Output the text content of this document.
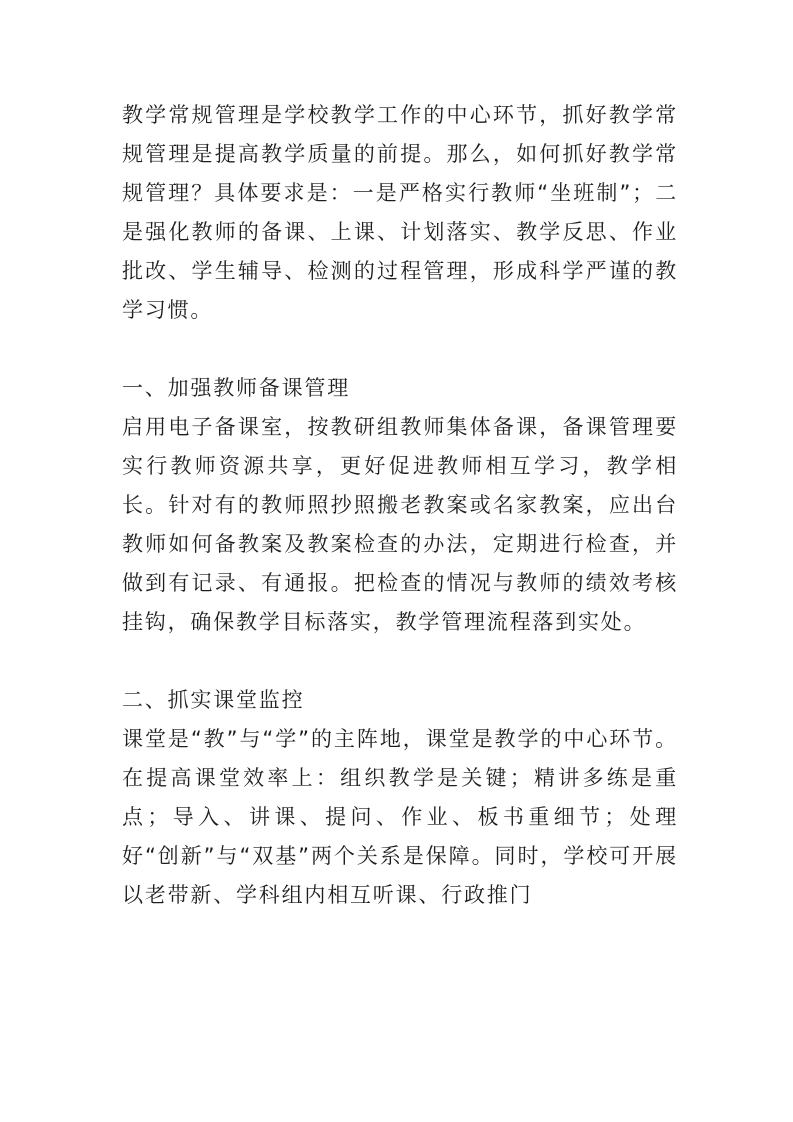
教学常规管理是学校教学工作的中心环节，抓好教学常规管理是提高教学质量的前提。那么，如何抓好教学常规管理？具体要求是：一是严格实行教师“坐班制”；二是强化教师的备课、上课、计划落实、教学反思、作业批改、学生辅导、检测的过程管理，形成科学严谨的教学习惯。

一、加强教师备课管理

启用电子备课室，按教研组教师集体备课，备课管理要实行教师资源共享，更好促进教师相互学习，教学相长。针对有的教师照抄照搬老教案或名家教案，应出台教师如何备教案及教案检查的办法，定期进行检查，并做到有记录、有通报。把检查的情况与教师的绩效考核挂钩，确保教学目标落实，教学管理流程落到实处。

二、抓实课堂监控

课堂是“教”与“学”的主阵地，课堂是教学的中心环节。在提高课堂效率上：组织教学是关键；精讲多练是重点；导入、讲课、提问、作业、板书重细节；处理好“创新”与“双基”两个关系是保障。同时，学校可开展以老带新、学科组内相互听课、行政推门
